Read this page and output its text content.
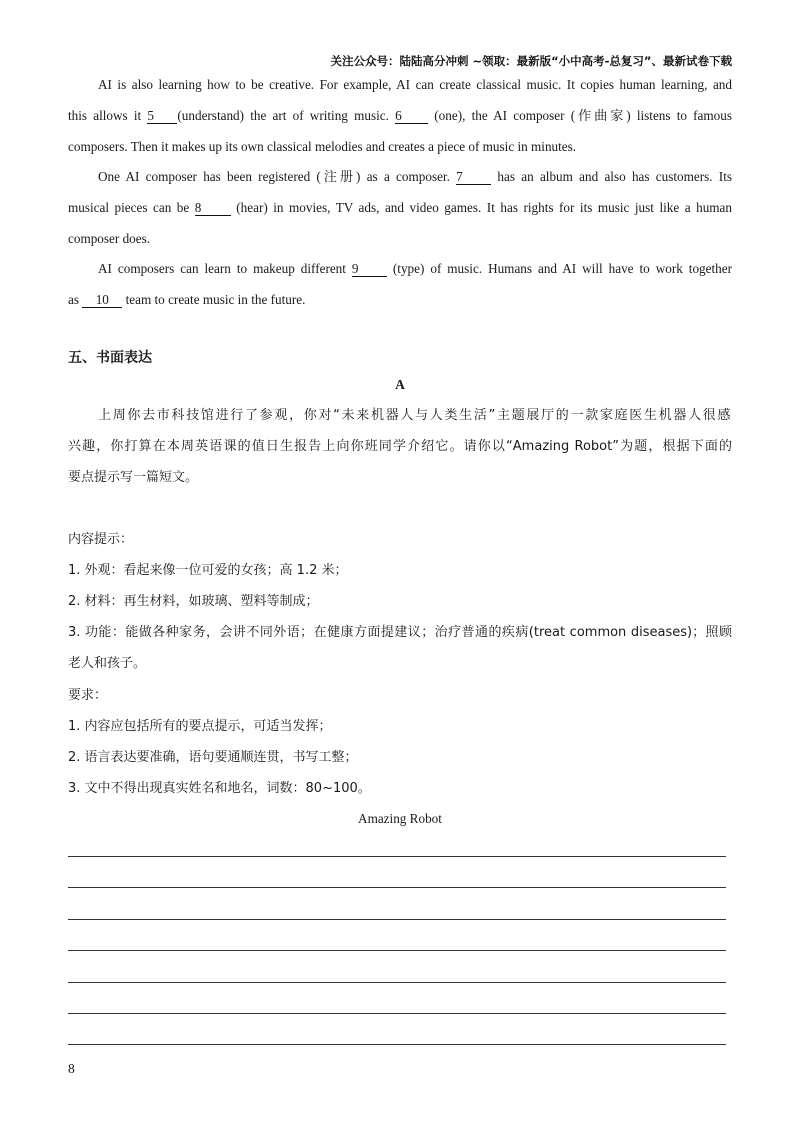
关注公众号：陆陆高分冲刺 ~领取：最新版“小中高考-总复习”、最新试卷下载
AI is also learning how to be creative. For example, AI can create classical music. It copies human learning, and
this allows it 5 (understand) the art of writing music. 6 (one), the AI composer (作曲家) listens to famous
composers. Then it makes up its own classical melodies and creates a piece of music in minutes.
One AI composer has been registered (注册) as a composer. 7 has an album and also has customers. Its
musical pieces can be 8 (hear) in movies, TV ads, and video games. It has rights for its music just like a human
composer does.
AI composers can learn to makeup different 9 (type) of music. Humans and AI will have to work together
as 10 team to create music in the future.
五、书面表达
A
上周你去市科技馆进行了参观，你对“未来机器人与人类生活”主题展厅的一款家庭医生机器人很感
兴趣，你打算在本周英语课的值日生报告上向你班同学介绍它。请你以“Amazing Robot”为题，根据下面的
要点提示写一篇短文。
内容提示：
1. 外观：看起来像一位可爱的女孩；高 1.2 米；
2. 材料：再生材料，如玻璃、塑料等制成；
3. 功能：能做各种家务，会讲不同外语；在健康方面提建议；治疗普通的疾病(treat common diseases)；照顾
老人和孩子。
要求：
1. 内容应包括所有的要点提示，可适当发挥；
2. 语言表达要准确，语句要通顺连贯，书写工整；
3. 文中不得出现真实姓名和地名，词数：80~100。
Amazing Robot
8
